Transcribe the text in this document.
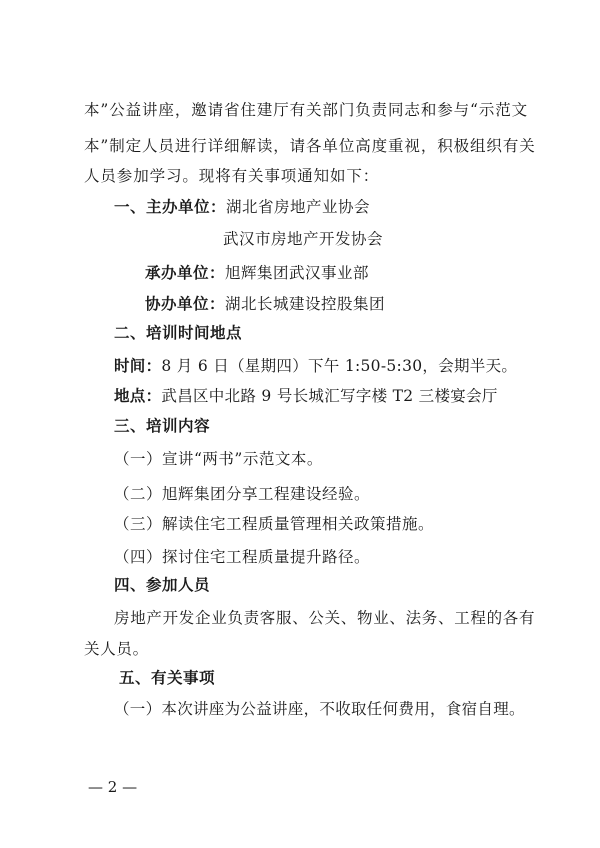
本”公益讲座，邀请省住建厅有关部门负责同志和参与“示范文
本”制定人员进行详细解读，请各单位高度重视，积极组织有关
人员参加学习。现将有关事项通知如下：
一、主办单位：湖北省房地产业协会
武汉市房地产开发协会
承办单位：旭辉集团武汉事业部
协办单位：湖北长城建设控股集团
二、培训时间地点
时间：8 月 6 日（星期四）下午 1:50-5:30，会期半天。
地点：武昌区中北路 9 号长城汇写字楼 T2 三楼宴会厅
三、培训内容
（一）宣讲“两书”示范文本。
（二）旭辉集团分享工程建设经验。
（三）解读住宅工程质量管理相关政策措施。
（四）探讨住宅工程质量提升路径。
四、参加人员
房地产开发企业负责客服、公关、物业、法务、工程的各有
关人员。
五、有关事项
（一）本次讲座为公益讲座，不收取任何费用，食宿自理。
— 2 —
